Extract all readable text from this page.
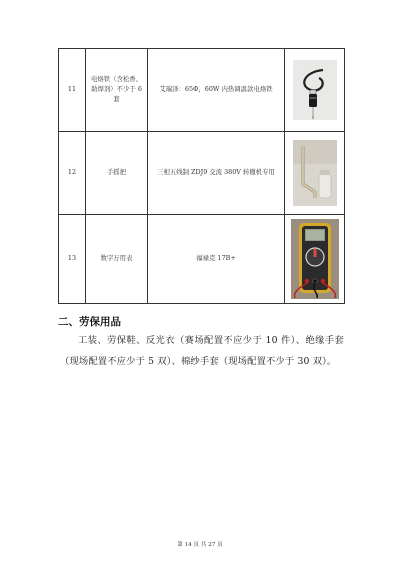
11	电烙铁（含松香、助焊剂）不少于 6 套	艾瑞泽：65Ф，60W 内热调温款电烙铁	

12	手摇把	三相五线制 ZDJ9 交流 380V 转辙机专用	

13	数字万用表	福禄克 17B+	
二、劳保用品
工装、劳保鞋、反光衣（赛场配置不应少于 10 件）、绝缘手套（现场配置不应少于 5 双）、棉纱手套（现场配置不少于 30 双）。
第 14 页 共 27 页
